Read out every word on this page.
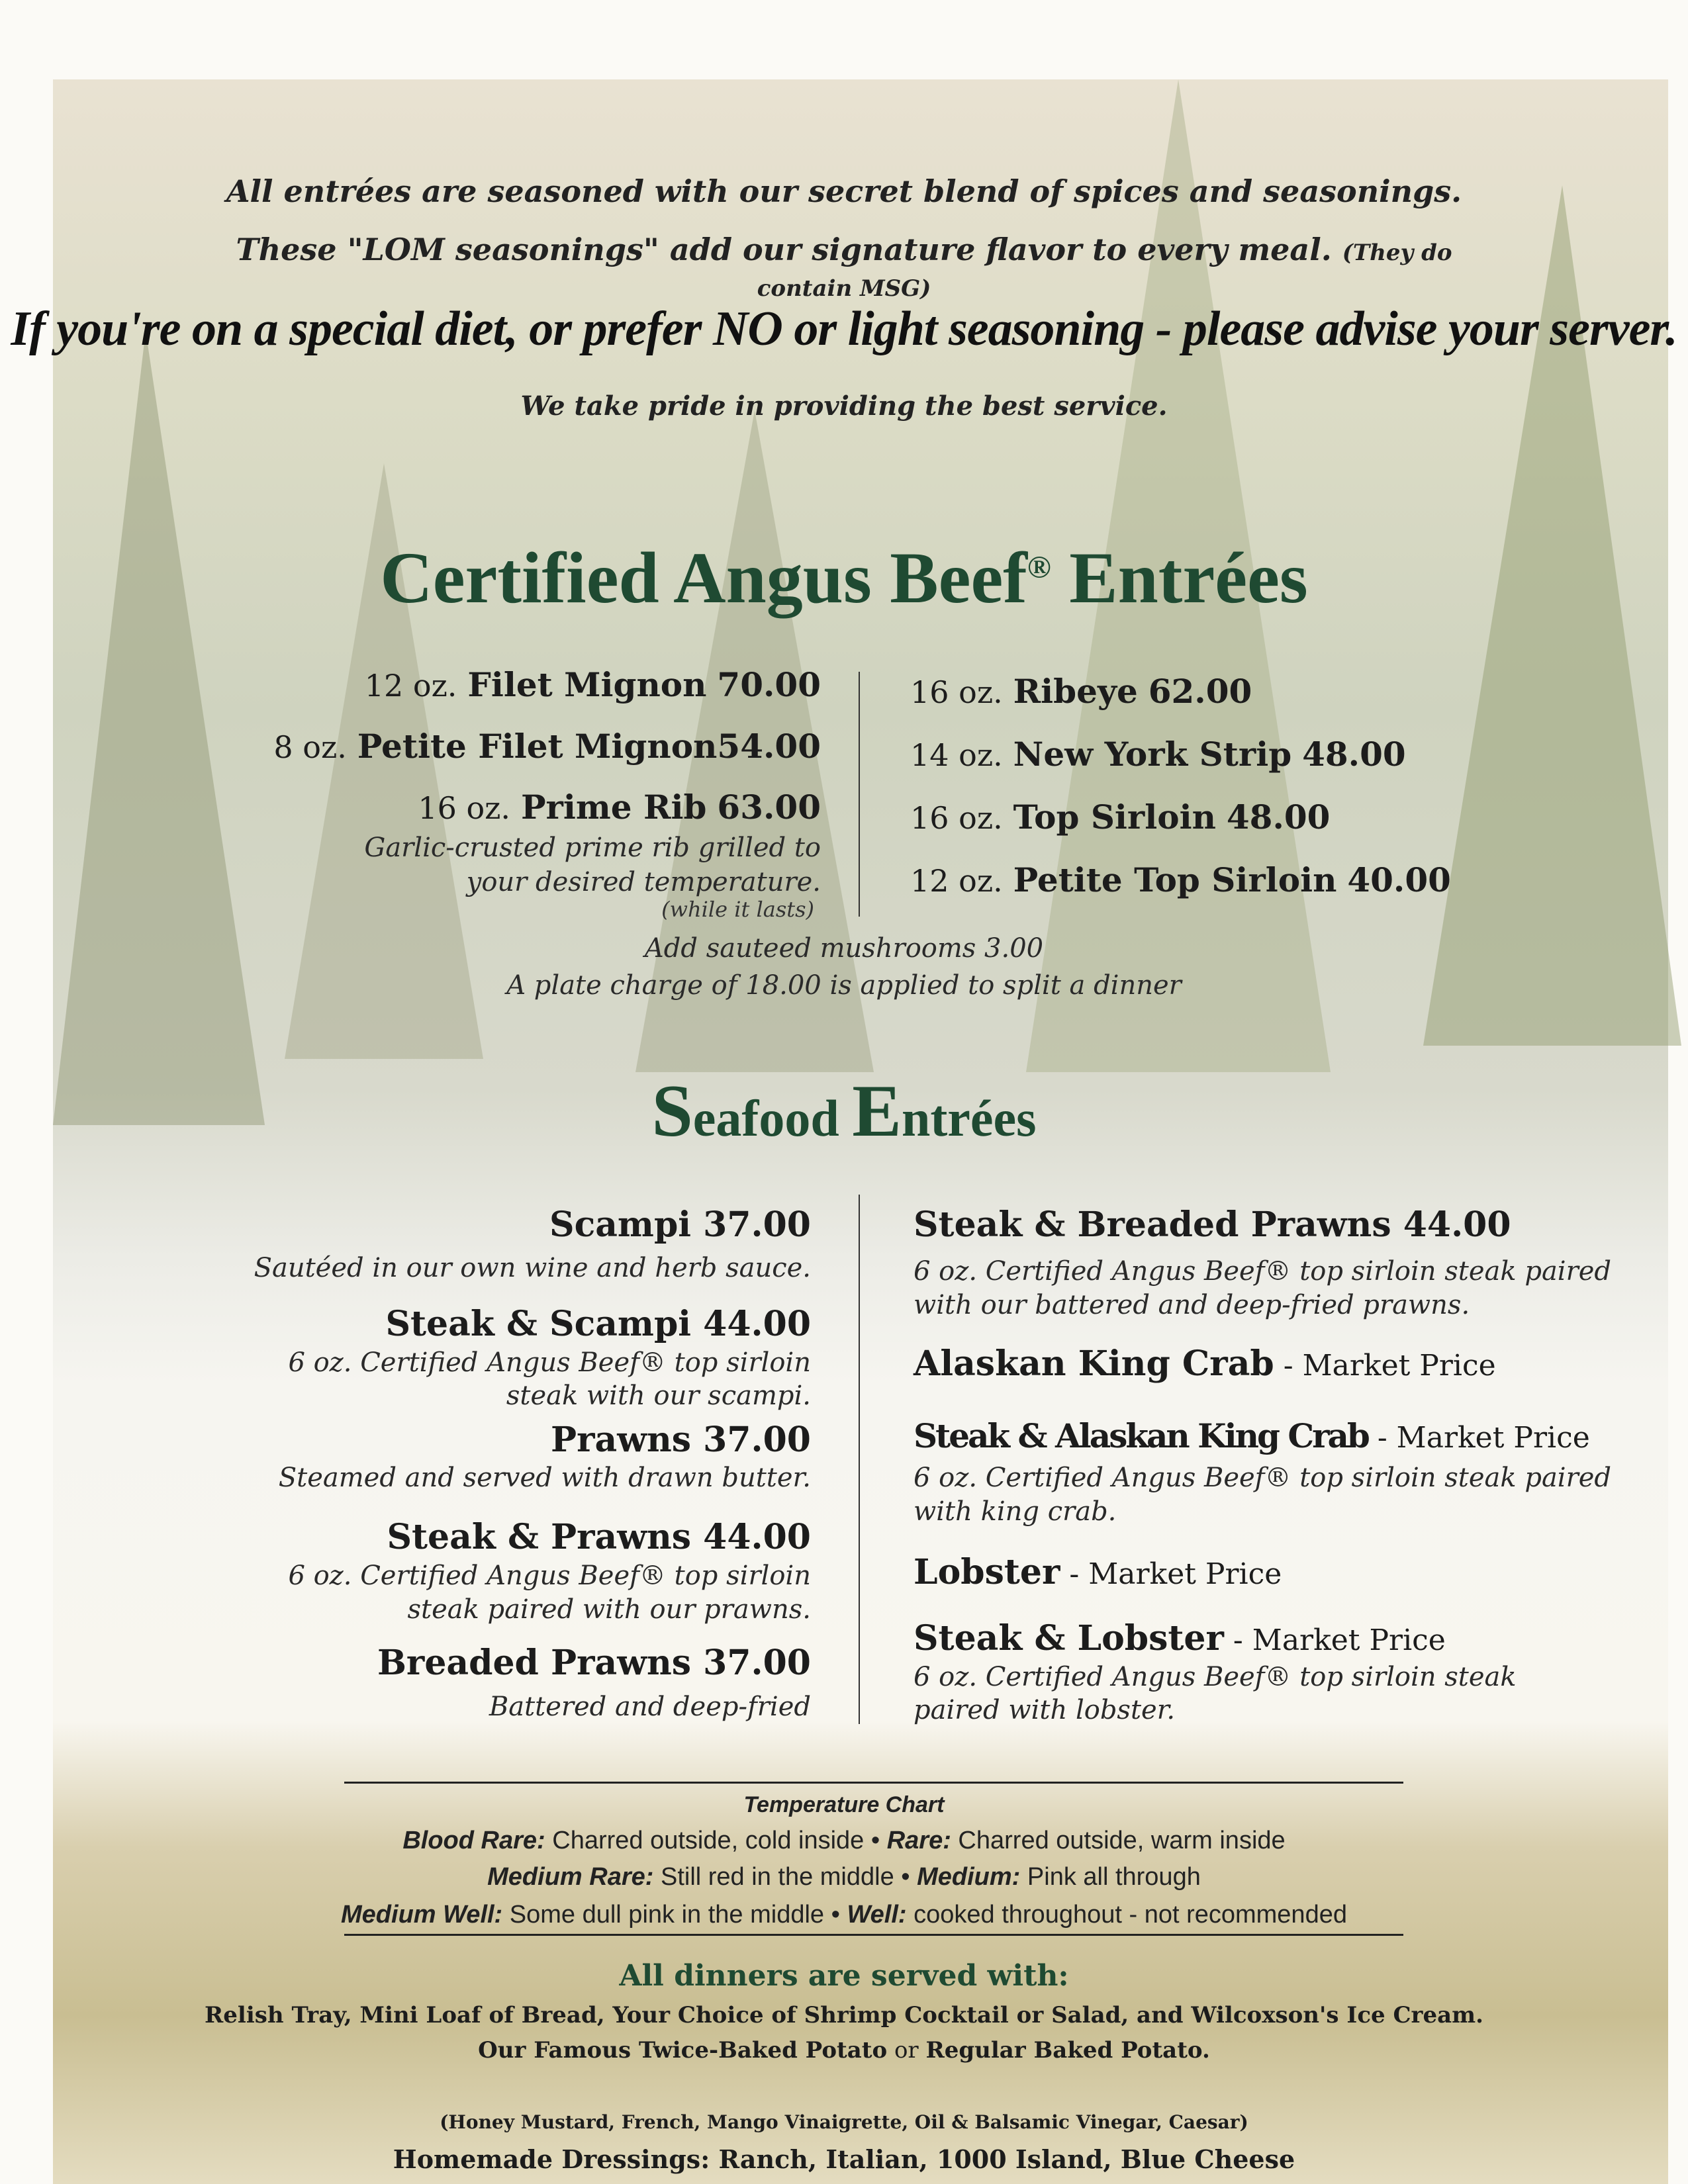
All entrées are seasoned with our secret blend of spices and seasonings.
These "LOM seasonings" add our signature flavor to every meal. (They do contain MSG)
If you're on a special diet, or prefer NO or light seasoning - please advise your server.
We take pride in providing the best service.
Certified Angus Beef® Entrées
12 oz. Filet Mignon 70.00
8 oz. Petite Filet Mignon54.00
16 oz. Prime Rib 63.00
Garlic-crusted prime rib grilled to
your desired temperature.
(while it lasts)
16 oz. Ribeye 62.00
14 oz. New York Strip 48.00
16 oz. Top Sirloin 48.00
12 oz. Petite Top Sirloin 40.00
Add sauteed mushrooms 3.00
A plate charge of 18.00 is applied to split a dinner
Seafood Entrées
Scampi 37.00
Sautéed in our own wine and herb sauce.
Steak & Scampi 44.00
6 oz. Certified Angus Beef® top sirloin
steak with our scampi.
Prawns 37.00
Steamed and served with drawn butter.
Steak & Prawns 44.00
6 oz. Certified Angus Beef® top sirloin
steak paired with our prawns.
Breaded Prawns 37.00
Battered and deep-fried
Steak & Breaded Prawns 44.00
6 oz. Certified Angus Beef® top sirloin steak paired
with our battered and deep-fried prawns.
Alaskan King Crab - Market Price
Steak & Alaskan King Crab - Market Price
6 oz. Certified Angus Beef® top sirloin steak paired
with king crab.
Lobster - Market Price
Steak & Lobster - Market Price
6 oz. Certified Angus Beef® top sirloin steak
paired with lobster.
Temperature Chart
Blood Rare: Charred outside, cold inside • Rare: Charred outside, warm inside
Medium Rare: Still red in the middle • Medium: Pink all through
Medium Well: Some dull pink in the middle • Well: cooked throughout - not recommended
All dinners are served with:
Relish Tray, Mini Loaf of Bread, Your Choice of Shrimp Cocktail or Salad, and Wilcoxson's Ice Cream.
Our Famous Twice-Baked Potato or Regular Baked Potato.
(Honey Mustard, French, Mango Vinaigrette, Oil & Balsamic Vinegar, Caesar)
Homemade Dressings: Ranch, Italian, 1000 Island, Blue Cheese
